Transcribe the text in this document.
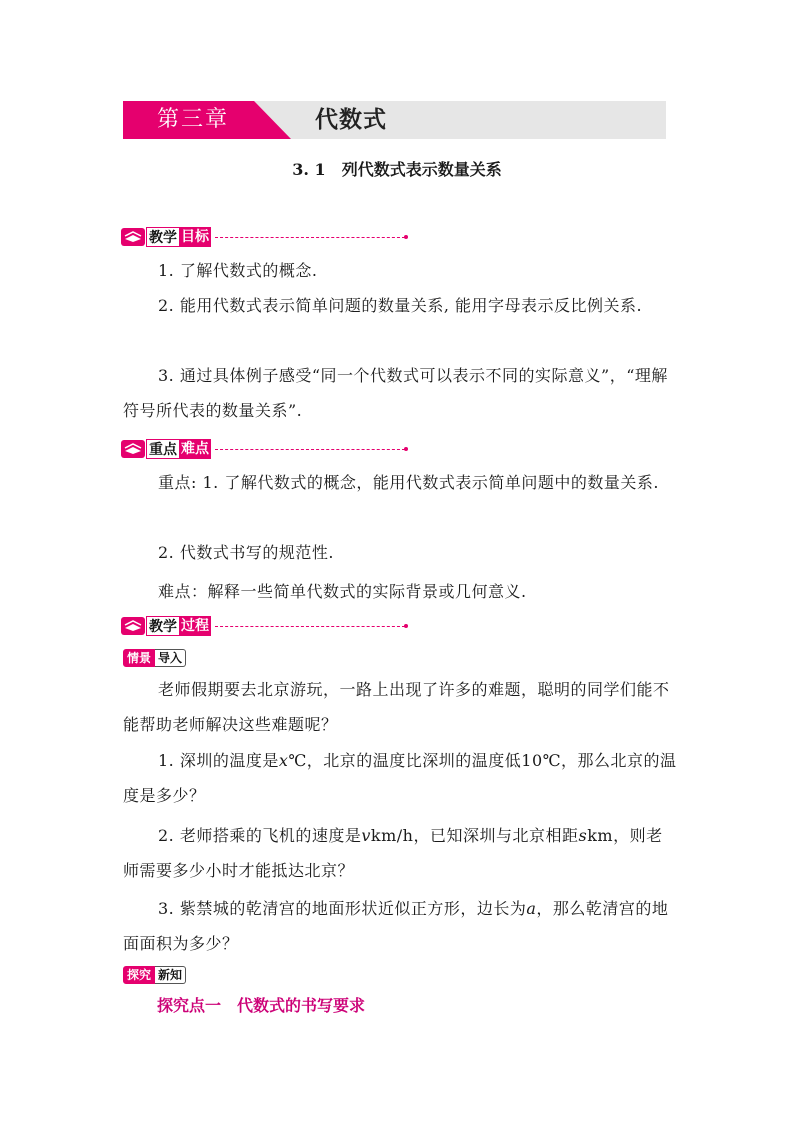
第三章	代数式
3. 1　列代数式表示数量关系
教学 目标
1. 了解代数式的概念.
2. 能用代数式表示简单问题的数量关系, 能用字母表示反比例关系.
3. 通过具体例子感受“同一个代数式可以表示不同的实际意义”，“理解符号所代表的数量关系”.
重点 难点
重点: 1. 了解代数式的概念，能用代数式表示简单问题中的数量关系.
2. 代数式书写的规范性.
难点：解释一些简单代数式的实际背景或几何意义.
教学 过程
情景 导入
老师假期要去北京游玩，一路上出现了许多的难题，聪明的同学们能不能帮助老师解决这些难题呢？
1. 深圳的温度是x℃，北京的温度比深圳的温度低10℃，那么北京的温度是多少？
2. 老师搭乘的飞机的速度是vkm/h，已知深圳与北京相距skm，则老师需要多少小时才能抵达北京？
3. 紫禁城的乾清宫的地面形状近似正方形，边长为a，那么乾清宫的地面面积为多少？
探究 新知
探究点一　代数式的书写要求
